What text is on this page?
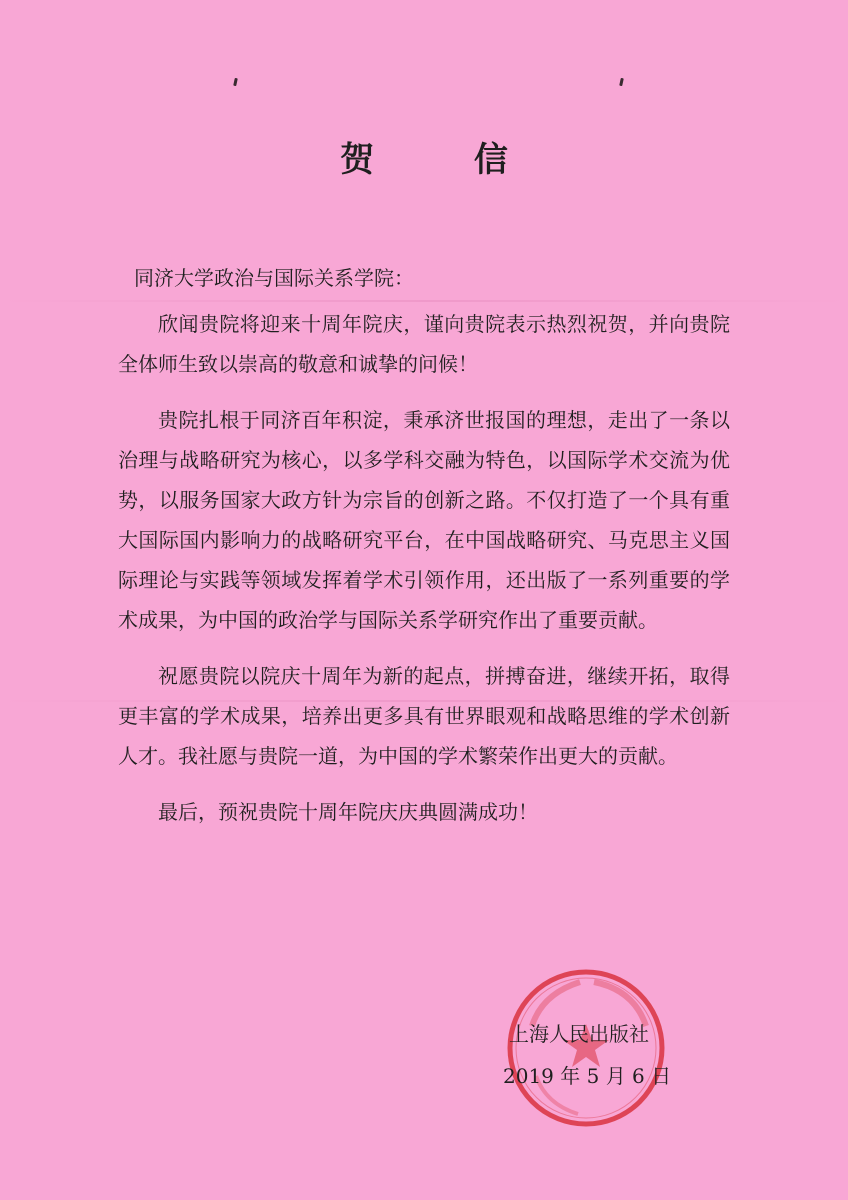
贺 信
同济大学政治与国际关系学院：

欣闻贵院将迎来十周年院庆，谨向贵院表示热烈祝贺，并向贵院全体师生致以崇高的敬意和诚挚的问候！

贵院扎根于同济百年积淀，秉承济世报国的理想，走出了一条以治理与战略研究为核心，以多学科交融为特色，以国际学术交流为优势，以服务国家大政方针为宗旨的创新之路。不仅打造了一个具有重大国际国内影响力的战略研究平台，在中国战略研究、马克思主义国际理论与实践等领域发挥着学术引领作用，还出版了一系列重要的学术成果，为中国的政治学与国际关系学研究作出了重要贡献。

祝愿贵院以院庆十周年为新的起点，拼搏奋进，继续开拓，取得更丰富的学术成果，培养出更多具有世界眼观和战略思维的学术创新人才。我社愿与贵院一道，为中国的学术繁荣作出更大的贡献。

最后，预祝贵院十周年院庆庆典圆满成功！

上海人民出版社
2019 年 5 月 6 日
